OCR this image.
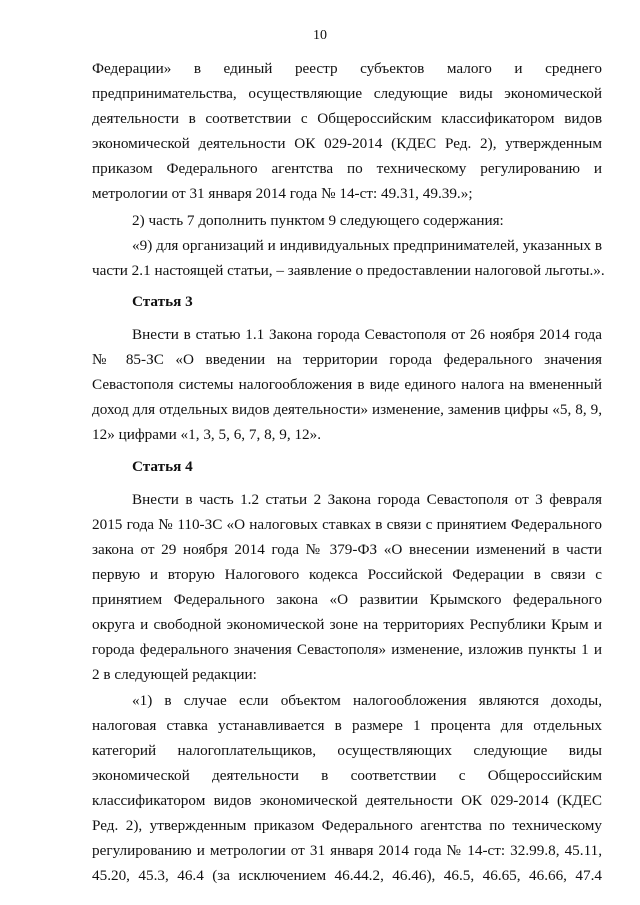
10
Федерации» в единый реестр субъектов малого и среднего
предпринимательства, осуществляющие следующие виды экономической
деятельности в соответствии с Общероссийским классификатором видов
экономической деятельности ОК 029-2014 (КДЕС Ред. 2), утвержденным
приказом Федерального агентства по техническому регулированию и
метрологии от 31 января 2014 года № 14-ст: 49.31, 49.39.»;
2) часть 7 дополнить пунктом 9 следующего содержания:
«9) для организаций и индивидуальных предпринимателей, указанных в
части 2.1 настоящей статьи, – заявление о предоставлении налоговой льготы.».
Статья 3
Внести в статью 1.1 Закона города Севастополя от 26 ноября 2014 года
№ 85-ЗС «О введении на территории города федерального значения
Севастополя системы налогообложения в виде единого налога на вмененный
доход для отдельных видов деятельности» изменение, заменив цифры «5, 8, 9,
12» цифрами «1, 3, 5, 6, 7, 8, 9, 12».
Статья 4
Внести в часть 1.2 статьи 2 Закона города Севастополя от 3 февраля
2015 года № 110-ЗС «О налоговых ставках в связи с принятием Федерального
закона от 29 ноября 2014 года № 379-ФЗ «О внесении изменений в части
первую и вторую Налогового кодекса Российской Федерации в связи с
принятием Федерального закона «О развитии Крымского федерального
округа и свободной экономической зоне на территориях Республики Крым и
города федерального значения Севастополя» изменение, изложив пункты 1 и
2 в следующей редакции:
«1) в случае если объектом налогообложения являются доходы,
налоговая ставка устанавливается в размере 1 процента для отдельных
категорий налогоплательщиков, осуществляющих следующие виды
экономической деятельности в соответствии с Общероссийским
классификатором видов экономической деятельности ОК 029-2014 (КДЕС
Ред. 2), утвержденным приказом Федерального агентства по техническому
регулированию и метрологии от 31 января 2014 года № 14-ст: 32.99.8, 45.11,
45.20, 45.3, 46.4 (за исключением 46.44.2, 46.46), 46.5, 46.65, 46.66, 47.4
